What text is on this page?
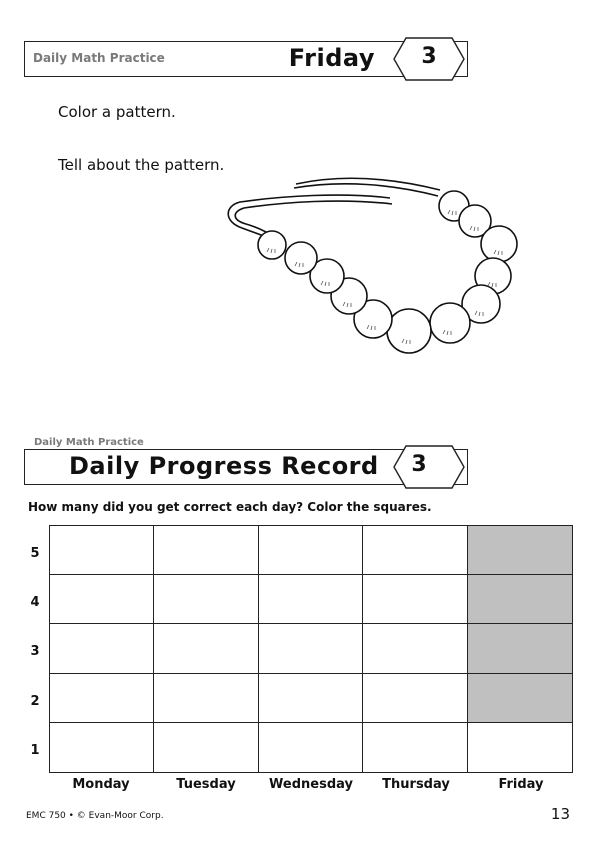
Daily Math Practice	Friday	3
Color a pattern.
Tell about the pattern.
Daily Math Practice
Daily Progress Record	3
How many did you get correct each day? Color the squares.
5
4
3
2
1
Monday	Tuesday	Wednesday	Thursday	Friday
EMC 750 • © Evan-Moor Corp.	13
